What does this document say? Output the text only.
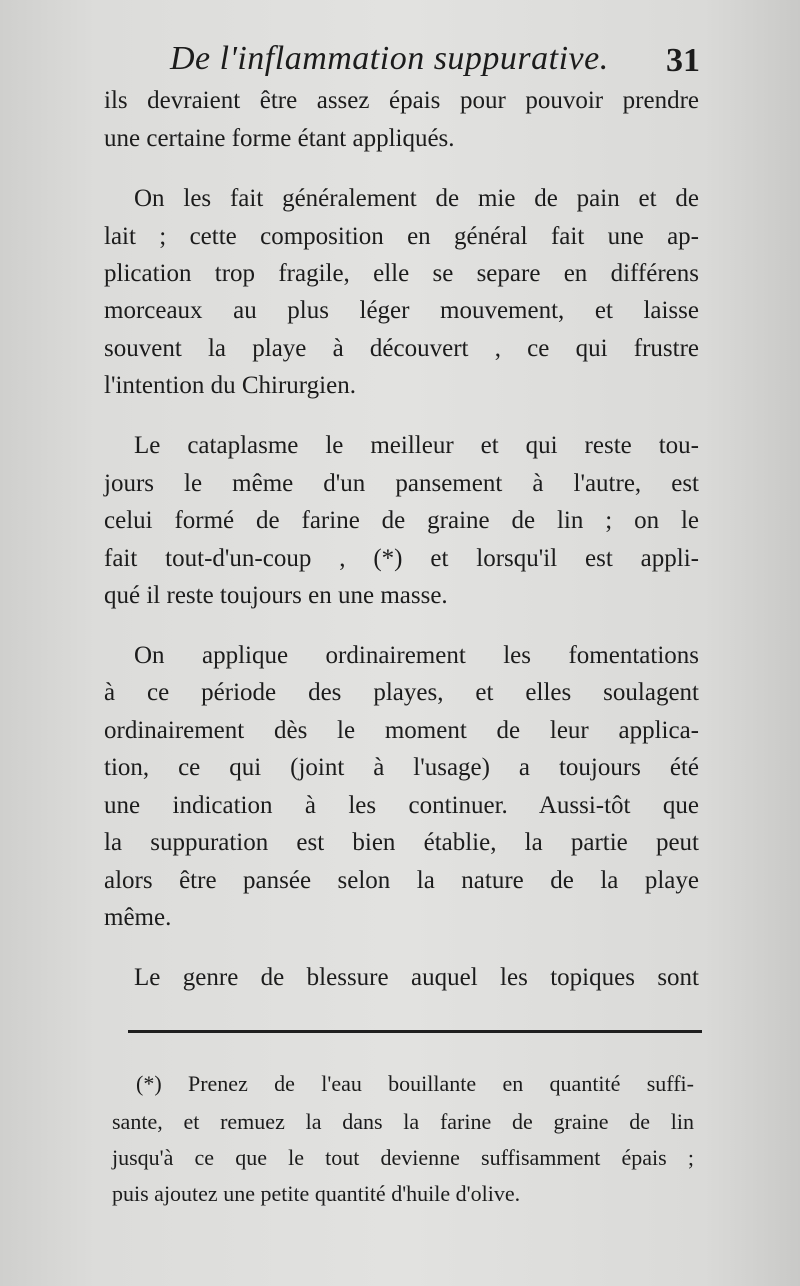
De l'inflammation suppurative. 31
ils devraient être assez épais pour pouvoir prendre
une certaine forme étant appliqués.
On les fait généralement de mie de pain et de
lait ; cette composition en général fait une ap-
plication trop fragile, elle se separe en différens
morceaux au plus léger mouvement, et laisse
souvent la playe à découvert , ce qui frustre
l'intention du Chirurgien.
Le cataplasme le meilleur et qui reste tou-
jours le même d'un pansement à l'autre, est
celui formé de farine de graine de lin ; on le
fait tout-d'un-coup , (*) et lorsqu'il est appli-
qué il reste toujours en une masse.
On applique ordinairement les fomentations
à ce période des playes, et elles soulagent
ordinairement dès le moment de leur applica-
tion, ce qui (joint à l'usage) a toujours été
une indication à les continuer. Aussi-tôt que
la suppuration est bien établie, la partie peut
alors être pansée selon la nature de la playe
même.
Le genre de blessure auquel les topiques sont
(*) Prenez de l'eau bouillante en quantité suffi-
sante, et remuez la dans la farine de graine de lin
jusqu'à ce que le tout devienne suffisamment épais ;
puis ajoutez une petite quantité d'huile d'olive.
